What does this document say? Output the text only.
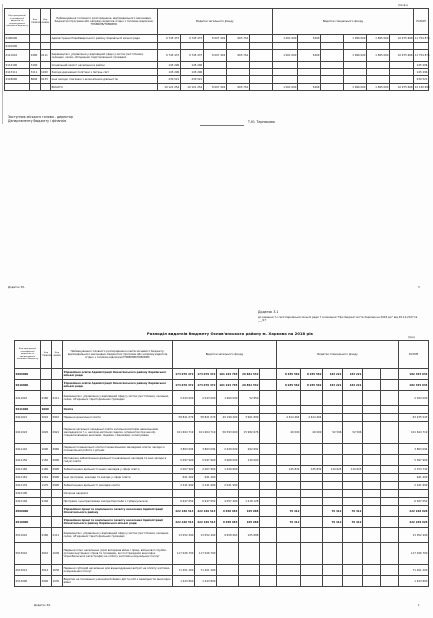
(тисяч)
Код програмної класифікації видатків та кредитування місцевого бюджету	Код ТПКВКМБ	Код ФКВКБ	Найменування головного розпорядника, відповідального виконавця, бюджетної програми або напряму видатків згідно з типовою відомчою/ТПКВКМБ/ТКВКБМС	Видатки загального фонду					Видатки спеціального фонду						РАЗОМ
0100000			Адміністрація Новобаварського району Харківської міської ради	9 745 437	9 745 437	8 007 402	665 761		1 001 600	5409		1 996 000	1 895 000	10 975 668	11 754 876
0110000															
0111010	0180	0111	Керівництво і управління у відповідній сфері у містах (місті Києві), селищах, селах, об'єднаних територіальних громадах	9 745 437	9 745 437	8 007 402	665 761		1 001 600	5409		1 996 000	1 895 000	10 975 668	11 754 876
0113100	3100		Соціальний захист населення в районі	145 296	145 296										145 296
0113111	3111	1020	Заходи державної політики з питань сім'ї	145 296	145 296										145 296
0118600	8600	0133	Інші заходи, пов'язані з економічною діяльністю	230 521	230 521										230 521
			ВСЬОГО	10 121 254	10 121 254	8 007 402	665 761		1 001 600	5409		1 996 000	1 895 000	10 975 668	12 130 693
Заступник міського голови - директор Департаменту бюджету і фінансів	Т.Ю. Тернюкова
Додаток 3/1	3
Додаток 3.1
до рішення 7-ї сесії Харківської міської ради 7 скликання "Про бюджет міста Харкова на 2018 рік" від 20.12.2017 № ___/17
Розподіл видатків бюджету Основ'янського району м. Харкова на 2018 рік
(грн)
Код програмної класифікації видатків та кредитування місцевого бюджету	Код ТПКВКМБ	Код ФКВКБ	Найменування головного розпорядника коштів місцевого бюджету, відповідального виконавця, бюджетної програми або напряму видатків згідно з типовою відомчою/ТПКВКМБ/ТКВКБМС	Видатки загального фонду					Видатки спеціального фонду						РАЗОМ
0400000			Управління освіти Адміністрації Основ'янського району Харківської міської ради	174 079 472	174 079 472	101 194 765	20 861 532		8 265 562	8 265 562	163 221	163 221			182 345 034
0410000			Управління освіти Адміністрації Основ'янського району Харківської міської ради	174 079 472	174 079 472	101 194 765	20 861 532		8 265 562	8 265 562	163 221	163 221			182 345 034
0411010	0180	0111	Керівництво і управління у відповідній сфері у містах (місті Києві), селищах, селах, об'єднаних територіальних громадах	2 043 000	2 043 000	1 660 000	52 850								2 043 000
0411020	1000		Освіта												
0411021	1010	0910	Надання дошкільної освіти	58 821 079	58 821 079	40 199 200	3 901 890		4 614 464	4 614 464					63 435 543
0411022	1020	0921	Надання загальної середньої освіти загальноосвітніми навчальними закладами (в т.ч. школою-дитячим садком, інтернатом при школі), спеціалізованими школами, ліцеями, гімназіями, колегіумами	101 604 719	101 604 719	56 593 600	15 982 676		40 000	40 000	52 596	52 596			101 644 719
0411110	1090	0960	Надання позашкільної освіти позашкільними закладами освіти, заходи із позашкільної роботи з дітьми	3 863 094	3 863 094	2 949 000	262 691								3 863 094
0411150	1150	0990	Методичне забезпечення діяльності навчальних закладів та інші заходи в галузі освіти	5 097 900	5 097 900	3 968 000	130 000								5 097 900
0411160	1160	0990	Забезпечення діяльності інших закладів у сфері освіти	2 007 900	2 007 900	1 540 600			145 832	145 832	110 625	110 625			2 153 732
0411161	1161	0990	Інші програми, заклади та заходи у сфері освіти	641 400	641 400										641 400
0411170	1170	0990	Забезпечення діяльності закладів освіти	2 241 990	2 241 990	2 041 990									2 241 990
0412100			Охорона здоров'я												
0412146	2146		Програми і централізовані заходи боротьби з туберкульозом	6 947 052	6 947 052	4 057 400	1 218 128								6 947 052
0500000			Управління праці та соціального захисту населення Адміністрації Основ'янського району	222 169 514	222 169 514	9 658 963	105 688		79 412		79 412	79 412			222 248 926
0510000			Управління праці та соціального захисту населення Адміністрації Основ'янського району Харківської міської ради	222 169 514	222 169 514	9 658 963	105 688		79 412		79 412	79 412			222 248 926
0511010	0180	0111	Керівництво і управління у відповідній сфері у містах (місті Києві), селищах, селах, об'єднаних територіальних громадах	13 052 490	13 052 490	9 658 963	105 688								13 052 490
0513010	3010	1030	Надання пільг населенню (крім ветеранів війни і праці, військової служби, органів внутрішніх справ та громадян, які постраждали внаслідок Чорнобильської катастрофи) на оплату житлово-комунальних послуг	117 026 700	117 026 700										117 026 700
0513012	3012	1030	Надання субсидій населенню для відшкодування витрат на оплату житлово-комунальних послуг	71 201 200	71 201 200										71 201 200
0513090	3090	1030	Видатки на поховання учасників бойових дій та осіб з інвалідністю внаслідок війни	1 443 800	1 443 800										1 443 800
Додаток 3/1	1
